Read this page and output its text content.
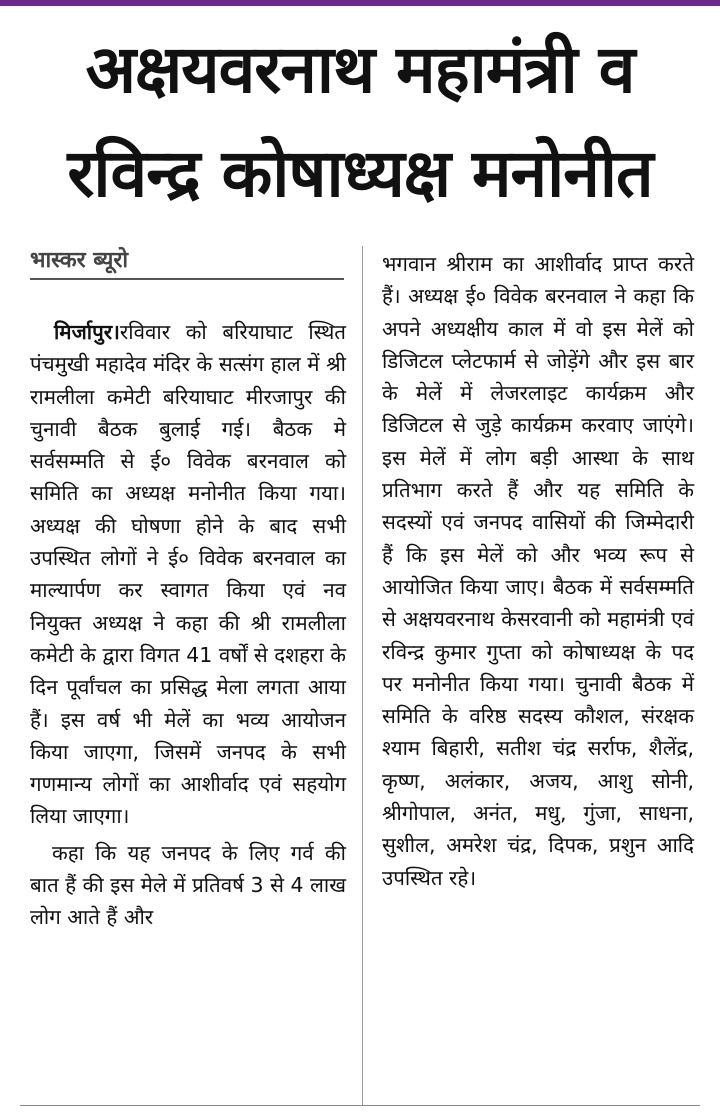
अक्षयवरनाथ महामंत्री व
रविन्द्र कोषाध्यक्ष मनोनीत
भास्कर ब्यूरो

मिर्जापुर।रविवार को बरियाघाट स्थित पंचमुखी महादेव मंदिर के सत्संग हाल में श्री रामलीला कमेटी बरियाघाट मीरजापुर की चुनावी बैठक बुलाई गई। बैठक मे सर्वसम्मति से ई० विवेक बरनवाल को समिति का अध्यक्ष मनोनीत किया गया। अध्यक्ष की घोषणा होने के बाद सभी उपस्थित लोगों ने ई० विवेक बरनवाल का माल्यार्पण कर स्वागत किया एवं नव नियुक्त अध्यक्ष ने कहा की श्री रामलीला कमेटी के द्वारा विगत 41 वर्षों से दशहरा के दिन पूर्वांचल का प्रसिद्ध मेला लगता आया हैं। इस वर्ष भी मेलें का भव्य आयोजन किया जाएगा, जिसमें जनपद के सभी गणमान्य लोगों का आशीर्वाद एवं सहयोग लिया जाएगा।

कहा कि यह जनपद के लिए गर्व की बात हैं की इस मेले में प्रतिवर्ष 3 से 4 लाख लोग आते हैं और

भगवान श्रीराम का आशीर्वाद प्राप्त करते हैं। अध्यक्ष ई० विवेक बरनवाल ने कहा कि अपने अध्यक्षीय काल में वो इस मेलें को डिजिटल प्लेटफार्म से जोड़ेंगे और इस बार के मेलें में लेजरलाइट कार्यक्रम और डिजिटल से जुड़े कार्यक्रम करवाए जाएंगे। इस मेलें में लोग बड़ी आस्था के साथ प्रतिभाग करते हैं और यह समिति के सदस्यों एवं जनपद वासियों की जिम्मेदारी हैं कि इस मेलें को और भव्य रूप से आयोजित किया जाए। बैठक में सर्वसम्मति से अक्षयवरनाथ केसरवानी को महामंत्री एवं रविन्द्र कुमार गुप्ता को कोषाध्यक्ष के पद पर मनोनीत किया गया। चुनावी बैठक में समिति के वरिष्ठ सदस्य कौशल, संरक्षक श्याम बिहारी, सतीश चंद्र सर्राफ, शैलेंद्र, कृष्ण, अलंकार, अजय, आशु सोनी, श्रीगोपाल, अनंत, मधु, गुंजा, साधना, सुशील, अमरेश चंद्र, दिपक, प्रशुन आदि उपस्थित रहे।
